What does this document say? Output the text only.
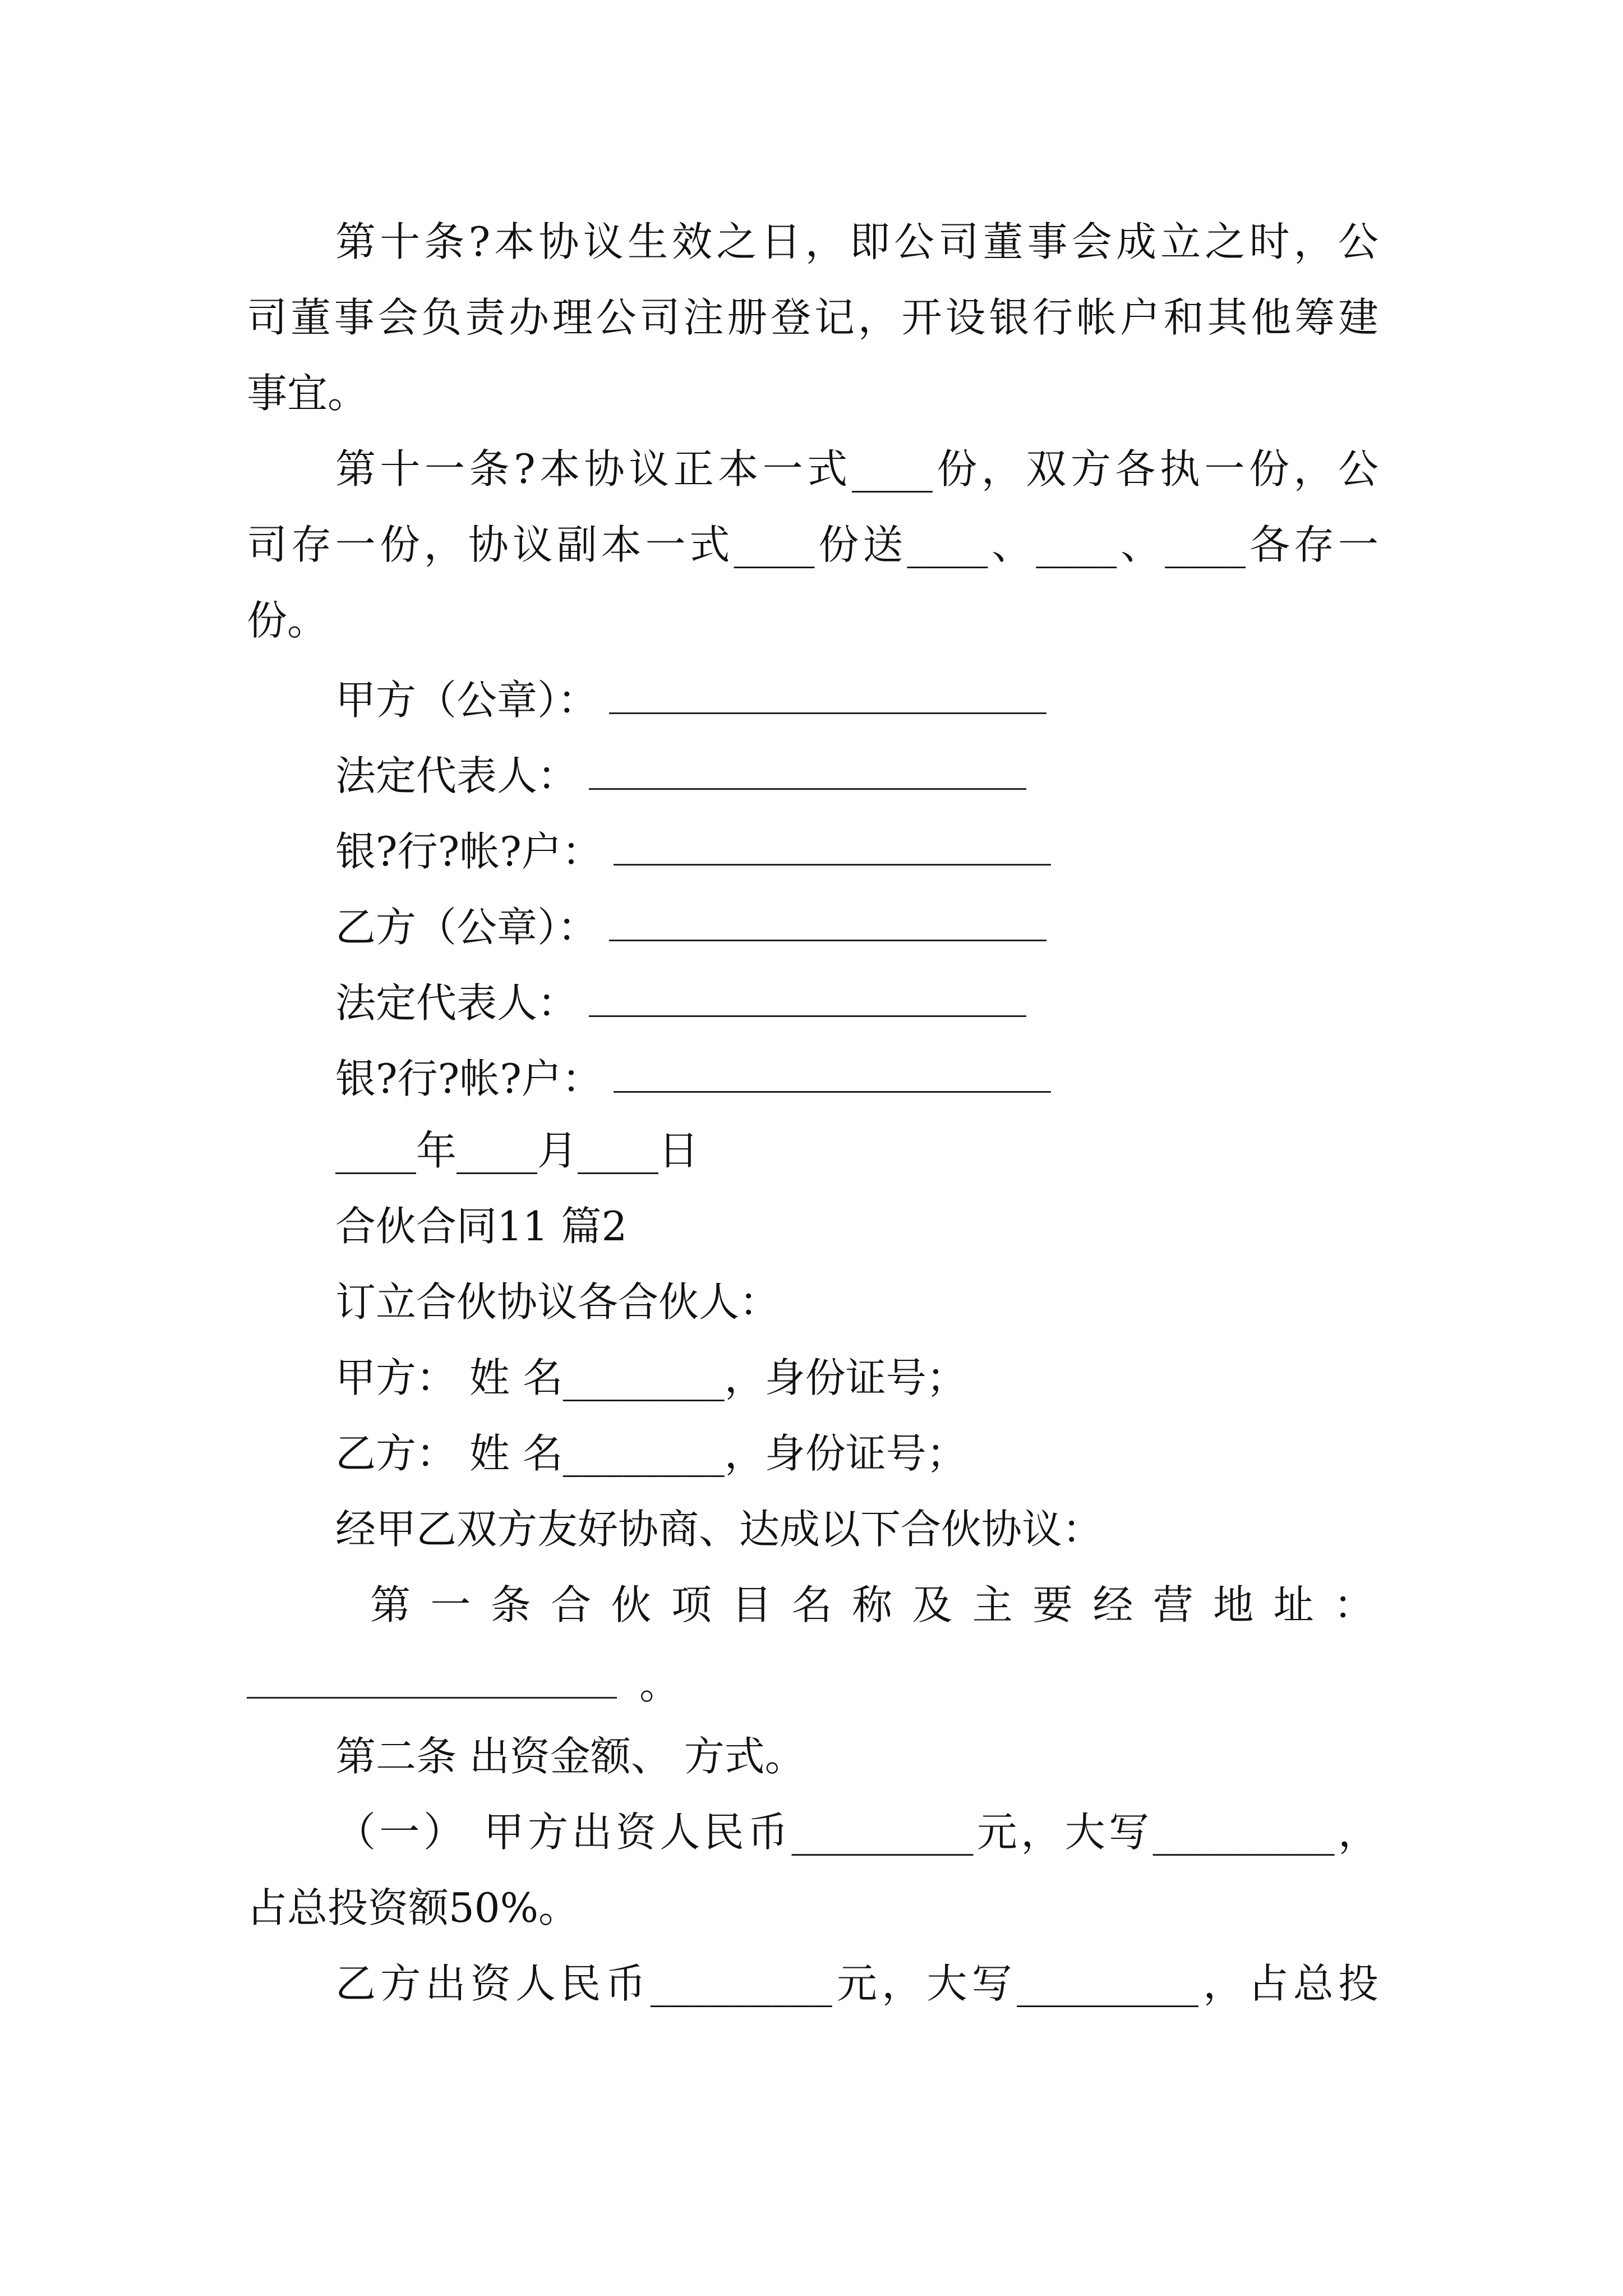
第十条?本协议生效之日，即公司董事会成立之时，公
司董事会负责办理公司注册登记，开设银行帐户和其他筹建
事宜。
第十一条?本协议正本一式____份，双方各执一份，公
司存一份，协议副本一式____份送____、____、____各存一
份。
甲方（公章）：
法定代表人：
银?行?帐?户：
乙方（公章）：
法定代表人：
银?行?帐?户：
____年____月____日
合伙合同11 篇2
订立合伙协议各合伙人：
甲方： 姓 名________，身份证号；
乙方： 姓 名________，身份证号；
经甲乙双方友好协商、达成以下合伙协议：
第一条合伙项目名称及主要经营地址：
。
第二条 出资金额、 方式。
（一） 甲方出资人民币_________元，大写_________，
占总投资额50%。
乙方出资人民币_________元，大写_________，占总投
